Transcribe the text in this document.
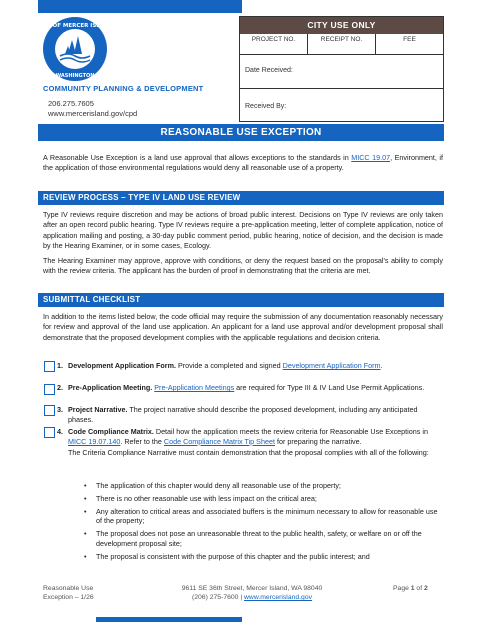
CITY OF MERCER ISLAND
WASHINGTON
COMMUNITY PLANNING & DEVELOPMENT
206.275.7605
www.mercerisland.gov/cpd
CITY USE ONLY
PROJECT NO.	RECEIPT NO.	FEE
Date Received:
Received By:
REASONABLE USE EXCEPTION
A Reasonable Use Exception is a land use approval that allows exceptions to the standards in MICC 19.07, Environment, if the application of those environmental regulations would deny all reasonable use of a property.
REVIEW PROCESS – TYPE IV LAND USE REVIEW
Type IV reviews require discretion and may be actions of broad public interest. Decisions on Type IV reviews are only taken after an open record public hearing. Type IV reviews require a pre-application meeting, letter of complete application, notice of application mailing and posting, a 30-day public comment period, public hearing, notice of decision, and the decision is made by the Hearing Examiner, or in some cases, Ecology.
The Hearing Examiner may approve, approve with conditions, or deny the request based on the proposal's ability to comply with the review criteria. The applicant has the burden of proof in demonstrating that the criteria are met.
SUBMITTAL CHECKLIST
In addition to the items listed below, the code official may require the submission of any documentation reasonably necessary for review and approval of the land use application. An applicant for a land use approval and/or development proposal shall demonstrate that the proposed development complies with the applicable regulations and decision criteria.
1. Development Application Form. Provide a completed and signed Development Application Form.
2. Pre-Application Meeting. Pre-Application Meetings are required for Type III & IV Land Use Permit Applications.
3. Project Narrative. The project narrative should describe the proposed development, including any anticipated phases.
4. Code Compliance Matrix. Detail how the application meets the review criteria for Reasonable Use Exceptions in MICC 19.07.140. Refer to the Code Compliance Matrix Tip Sheet for preparing the narrative.
The Criteria Compliance Narrative must contain demonstration that the proposal complies with all of the following:
• The application of this chapter would deny all reasonable use of the property;
• There is no other reasonable use with less impact on the critical area;
• Any alteration to critical areas and associated buffers is the minimum necessary to allow for reasonable use of the property;
• The proposal does not pose an unreasonable threat to the public health, safety, or welfare on or off the development proposal site;
• The proposal is consistent with the purpose of this chapter and the public interest; and
Reasonable Use
Exception – 1/26
9611 SE 36th Street, Mercer Island, WA 98040
(206) 275-7600 | www.mercerisland.gov
Page 1 of 2
